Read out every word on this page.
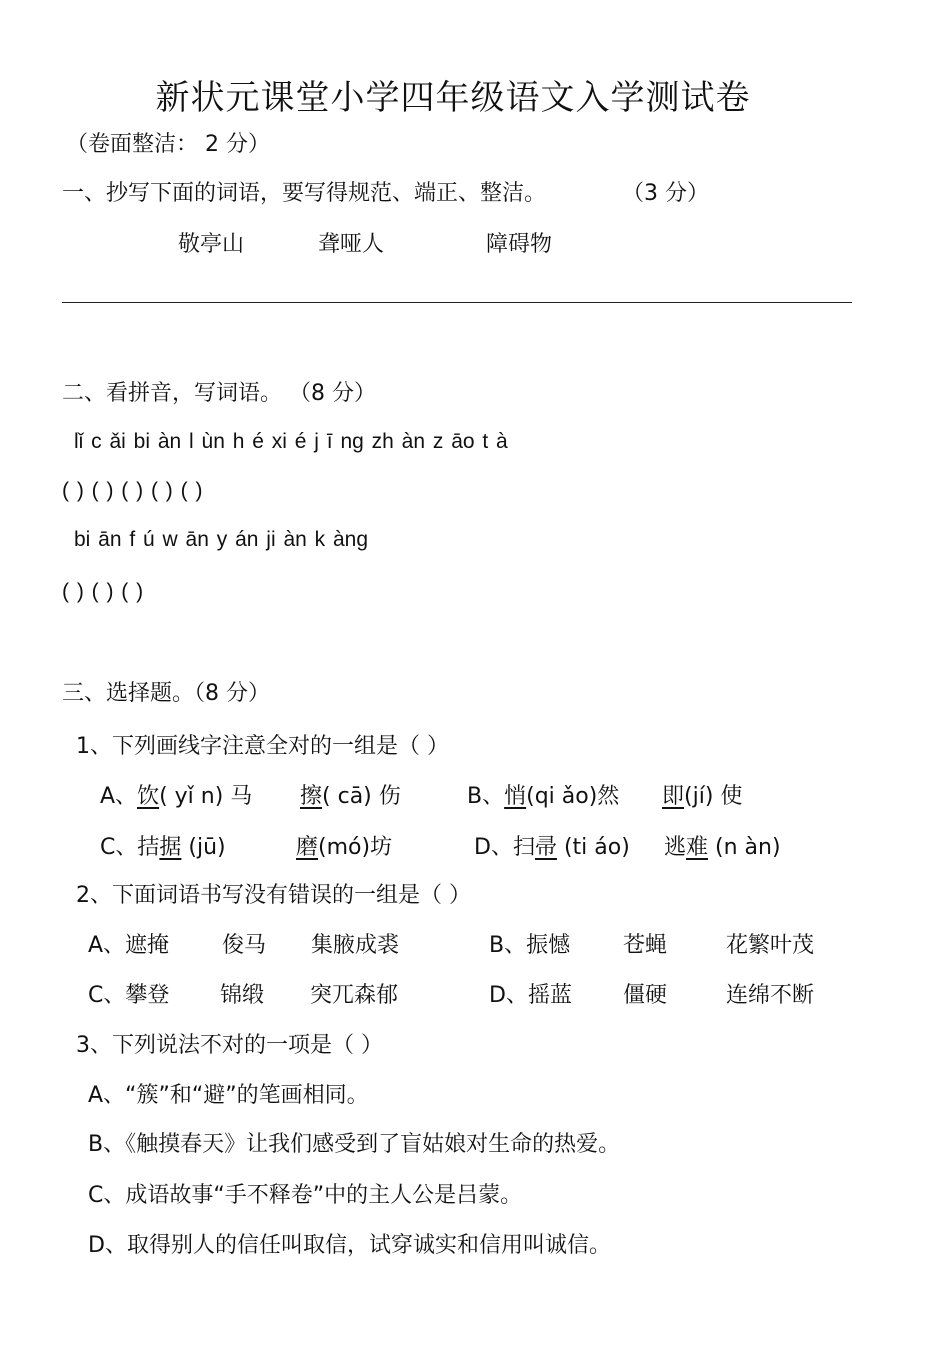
新状元课堂小学四年级语文入学测试卷
（卷面整洁： 2 分）
一、抄写下面的词语，要写得规范、端正、整洁。	（3 分）
敬亭山	聋哑人	障碍物
二、看拼音，写词语。 （8 分）
lǐ c ǎi bi àn l ùn h é xi é j ī ng zh àn z āo t à
( ) ( ) ( ) ( ) ( )
bi ān f ú w ān y án ji àn k àng
( ) ( ) ( )
三、选择题。（8 分）
1、下列画线字注意全对的一组是（ ）
A、饮( yǐ n) 马 擦( cā) 伤	B、悄(qi ǎo)然 即(jí) 使
C、拮据 (jū)	磨(mó)坊	D、扫帚 (ti áo) 逃难 (n àn)
2、下面词语书写没有错误的一组是（ ）
A、遮掩 俊马 集腋成裘	B、振憾 苍蝇	花繁叶茂
C、攀登 锦缎 突兀森郁	D、摇蓝 僵硬	连绵不断
3、下列说法不对的一项是（ ）
A、“簇”和“避”的笔画相同。
B、《触摸春天》让我们感受到了盲姑娘对生命的热爱。
C、成语故事“手不释卷”中的主人公是吕蒙。
D、取得别人的信任叫取信，试穿诚实和信用叫诚信。
